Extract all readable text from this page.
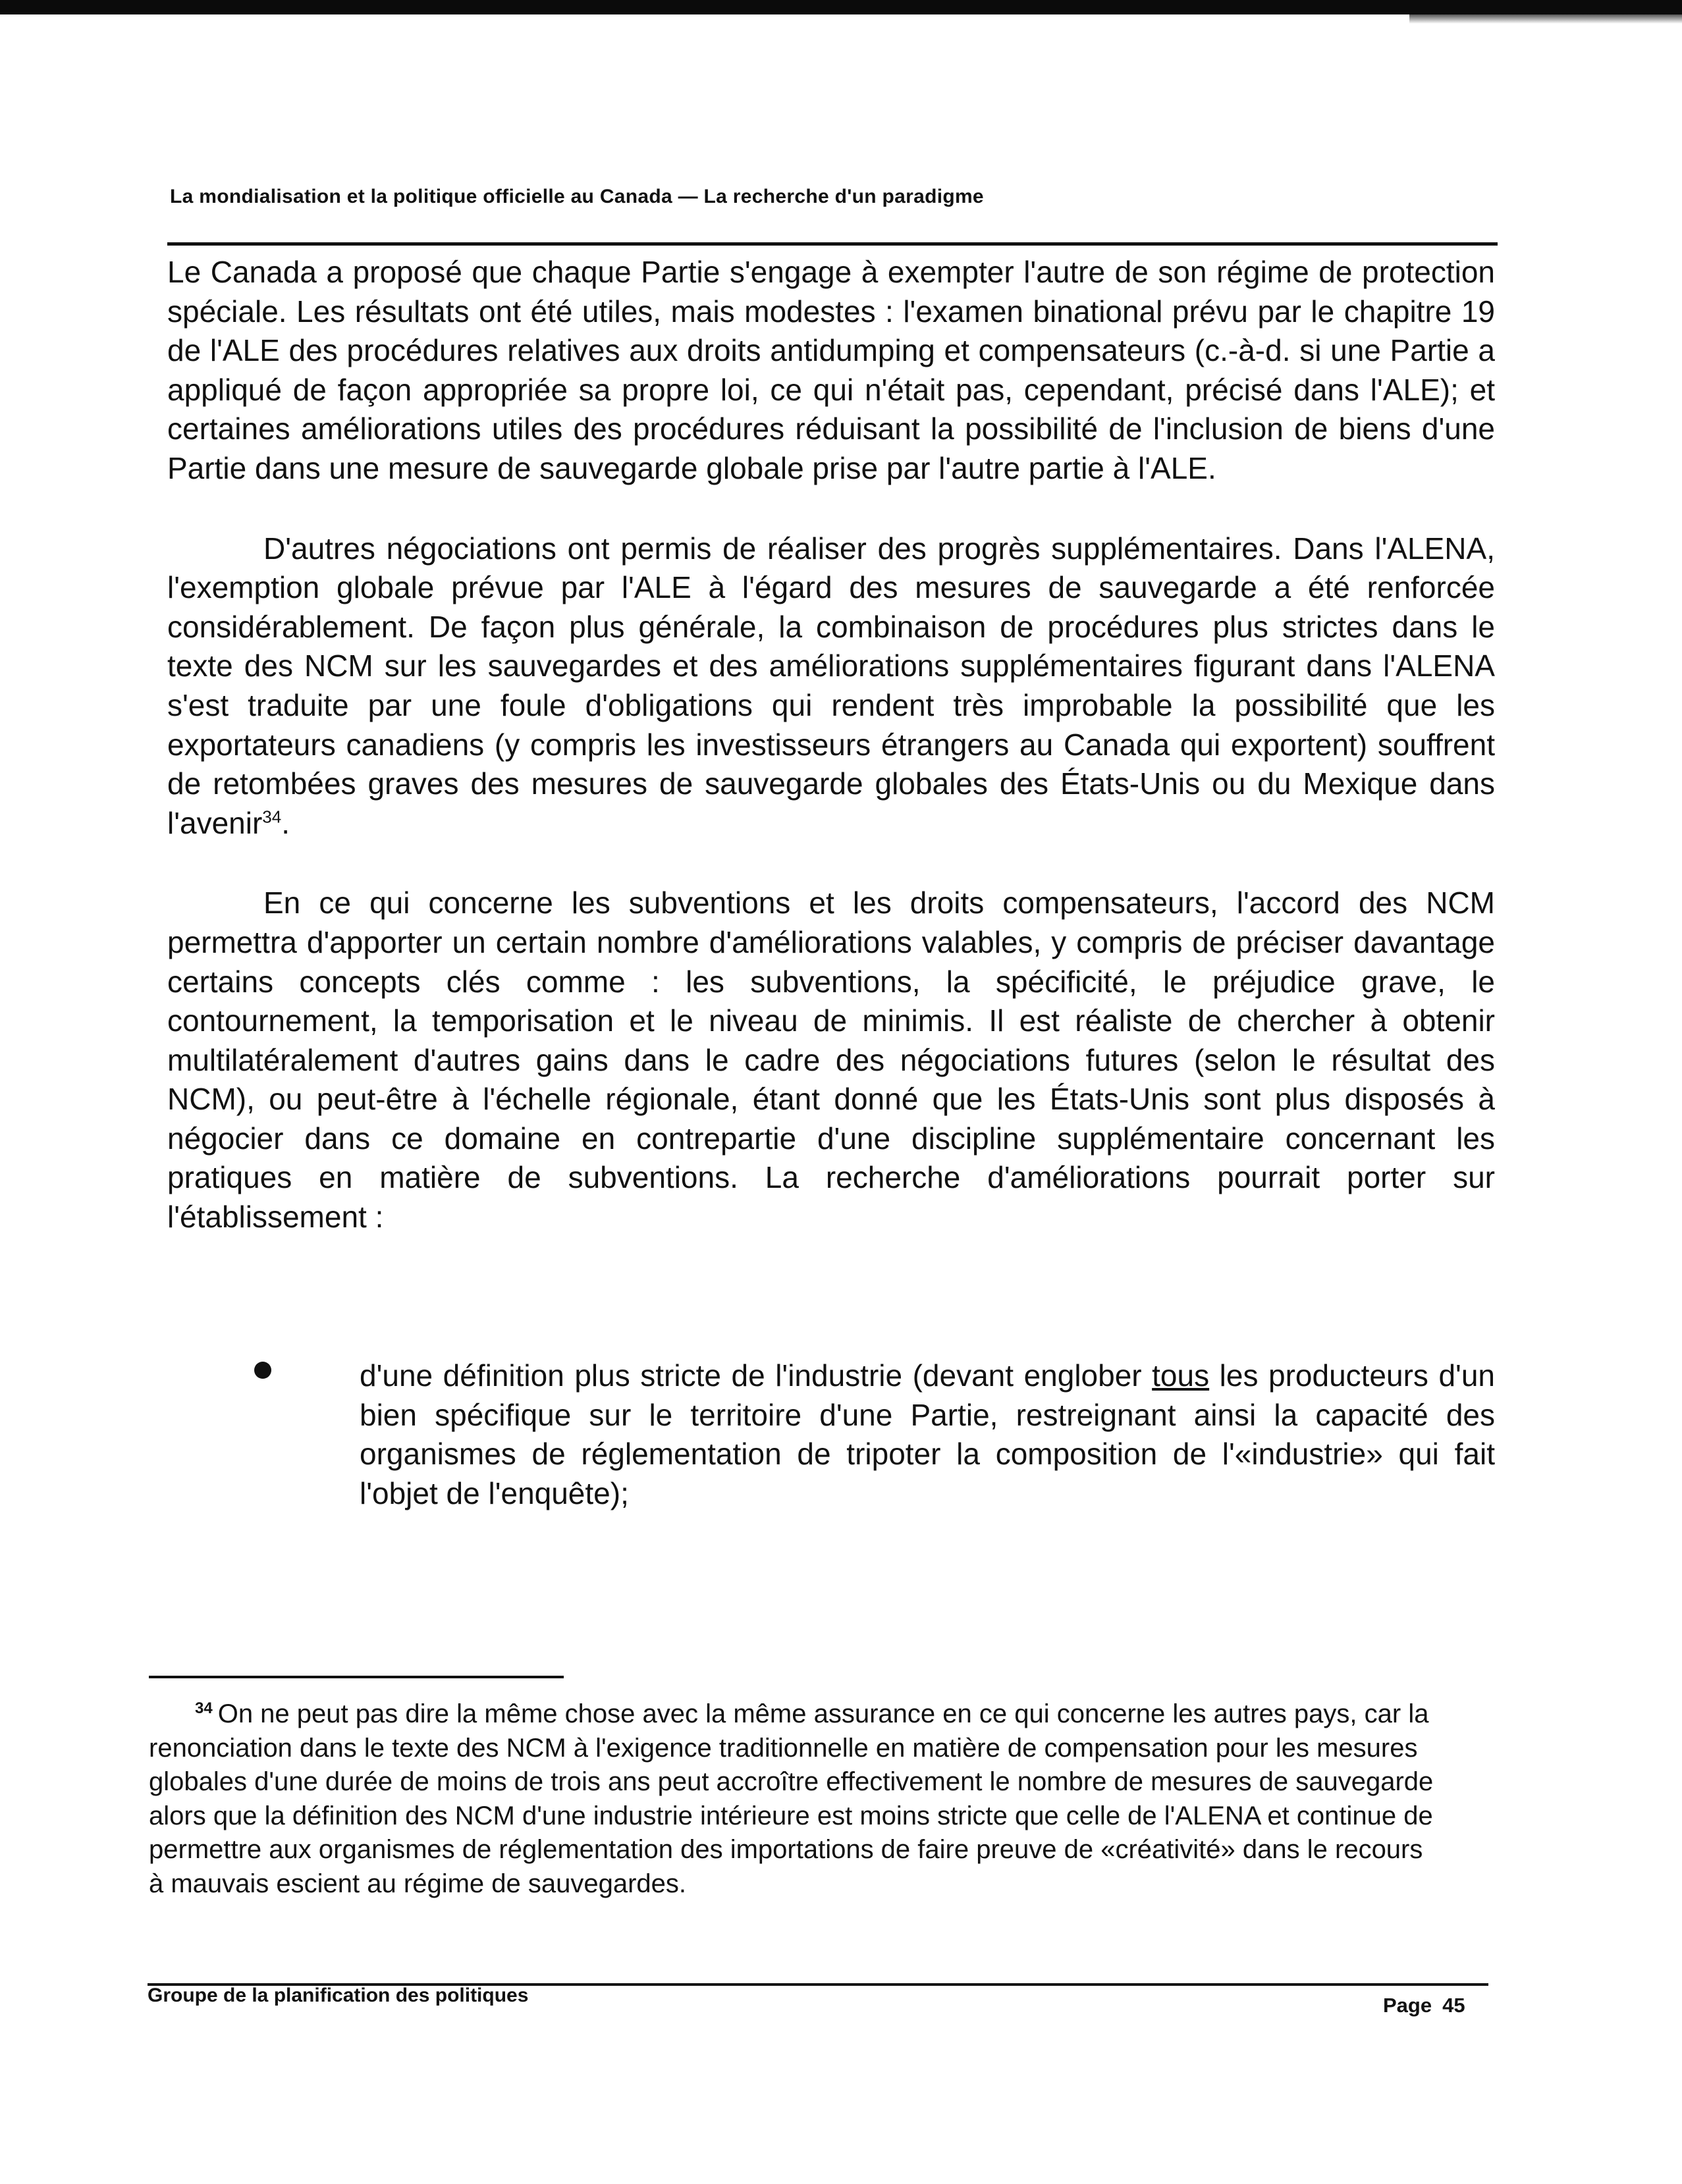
La mondialisation et la politique officielle au Canada — La recherche d'un paradigme

Le Canada a proposé que chaque Partie s'engage à exempter l'autre de son régime de protection spéciale. Les résultats ont été utiles, mais modestes : l'examen binational prévu par le chapitre 19 de l'ALE des procédures relatives aux droits antidumping et compensateurs (c.-à-d. si une Partie a appliqué de façon appropriée sa propre loi, ce qui n'était pas, cependant, précisé dans l'ALE); et certaines améliorations utiles des procédures réduisant la possibilité de l'inclusion de biens d'une Partie dans une mesure de sauvegarde globale prise par l'autre partie à l'ALE.

D'autres négociations ont permis de réaliser des progrès supplémentaires. Dans l'ALENA, l'exemption globale prévue par l'ALE à l'égard des mesures de sauvegarde a été renforcée considérablement. De façon plus générale, la combinaison de procédures plus strictes dans le texte des NCM sur les sauvegardes et des améliorations supplémentaires figurant dans l'ALENA s'est traduite par une foule d'obligations qui rendent très improbable la possibilité que les exportateurs canadiens (y compris les investisseurs étrangers au Canada qui exportent) souffrent de retombées graves des mesures de sauvegarde globales des États-Unis ou du Mexique dans l'avenir$^{34}$.

En ce qui concerne les subventions et les droits compensateurs, l'accord des NCM permettra d'apporter un certain nombre d'améliorations valables, y compris de préciser davantage certains concepts clés comme : les subventions, la spécificité, le préjudice grave, le contournement, la temporisation et le niveau de minimis. Il est réaliste de chercher à obtenir multilatéralement d'autres gains dans le cadre des négociations futures (selon le résultat des NCM), ou peut-être à l'échelle régionale, étant donné que les États-Unis sont plus disposés à négocier dans ce domaine en contrepartie d'une discipline supplémentaire concernant les pratiques en matière de subventions. La recherche d'améliorations pourrait porter sur l'établissement :

d'une définition plus stricte de l'industrie (devant englober tous les producteurs d'un bien spécifique sur le territoire d'une Partie, restreignant ainsi la capacité des organismes de réglementation de tripoter la composition de l'«industrie» qui fait l'objet de l'enquête);
$^{34}$ On ne peut pas dire la même chose avec la même assurance en ce qui concerne les autres pays, car la renonciation dans le texte des NCM à l'exigence traditionnelle en matière de compensation pour les mesures globales d'une durée de moins de trois ans peut accroître effectivement le nombre de mesures de sauvegarde alors que la définition des NCM d'une industrie intérieure est moins stricte que celle de l'ALENA et continue de permettre aux organismes de réglementation des importations de faire preuve de «créativité» dans le recours à mauvais escient au régime de sauvegardes.
Groupe de la planification des politiques	Page 45
